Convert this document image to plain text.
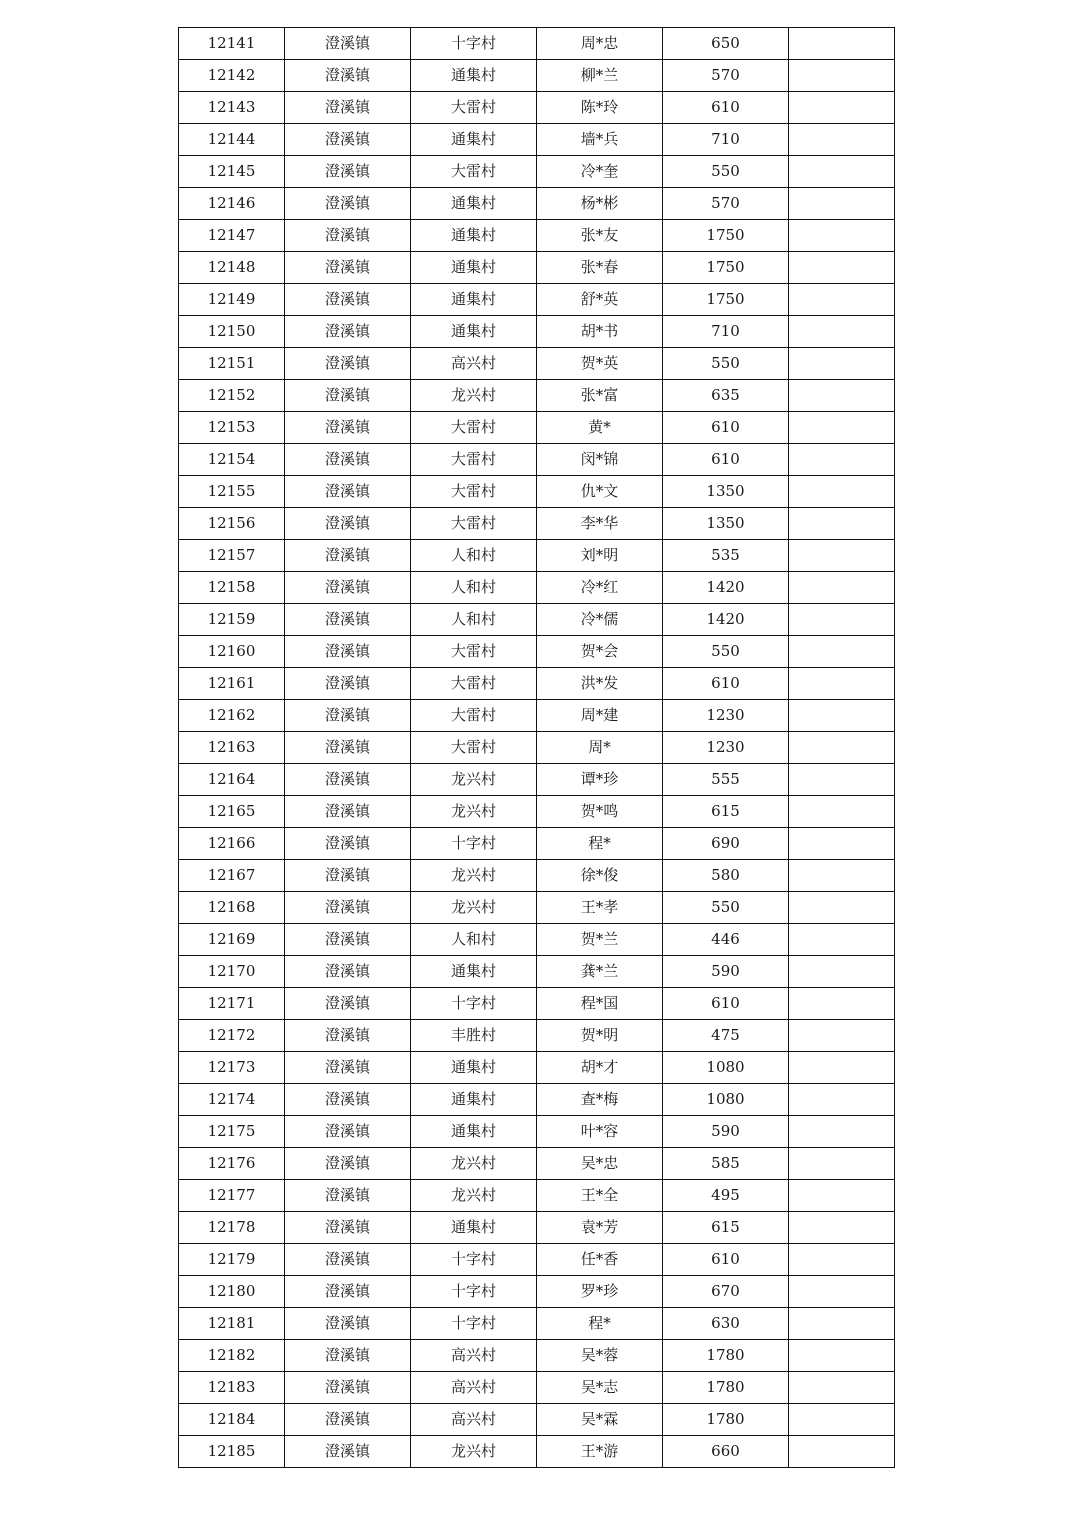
12141	澄溪镇	十字村	周*忠	650	
12142	澄溪镇	通集村	柳*兰	570	
12143	澄溪镇	大雷村	陈*玲	610	
12144	澄溪镇	通集村	墙*兵	710	
12145	澄溪镇	大雷村	冷*奎	550	
12146	澄溪镇	通集村	杨*彬	570	
12147	澄溪镇	通集村	张*友	1750	
12148	澄溪镇	通集村	张*春	1750	
12149	澄溪镇	通集村	舒*英	1750	
12150	澄溪镇	通集村	胡*书	710	
12151	澄溪镇	高兴村	贺*英	550	
12152	澄溪镇	龙兴村	张*富	635	
12153	澄溪镇	大雷村	黄*	610	
12154	澄溪镇	大雷村	闵*锦	610	
12155	澄溪镇	大雷村	仇*文	1350	
12156	澄溪镇	大雷村	李*华	1350	
12157	澄溪镇	人和村	刘*明	535	
12158	澄溪镇	人和村	冷*红	1420	
12159	澄溪镇	人和村	冷*儒	1420	
12160	澄溪镇	大雷村	贺*会	550	
12161	澄溪镇	大雷村	洪*发	610	
12162	澄溪镇	大雷村	周*建	1230	
12163	澄溪镇	大雷村	周*	1230	
12164	澄溪镇	龙兴村	谭*珍	555	
12165	澄溪镇	龙兴村	贺*鸣	615	
12166	澄溪镇	十字村	程*	690	
12167	澄溪镇	龙兴村	徐*俊	580	
12168	澄溪镇	龙兴村	王*孝	550	
12169	澄溪镇	人和村	贺*兰	446	
12170	澄溪镇	通集村	龚*兰	590	
12171	澄溪镇	十字村	程*国	610	
12172	澄溪镇	丰胜村	贺*明	475	
12173	澄溪镇	通集村	胡*才	1080	
12174	澄溪镇	通集村	查*梅	1080	
12175	澄溪镇	通集村	叶*容	590	
12176	澄溪镇	龙兴村	吴*忠	585	
12177	澄溪镇	龙兴村	王*全	495	
12178	澄溪镇	通集村	袁*芳	615	
12179	澄溪镇	十字村	任*香	610	
12180	澄溪镇	十字村	罗*珍	670	
12181	澄溪镇	十字村	程*	630	
12182	澄溪镇	高兴村	吴*蓉	1780	
12183	澄溪镇	高兴村	吴*志	1780	
12184	澄溪镇	高兴村	吴*霖	1780	
12185	澄溪镇	龙兴村	王*游	660	
